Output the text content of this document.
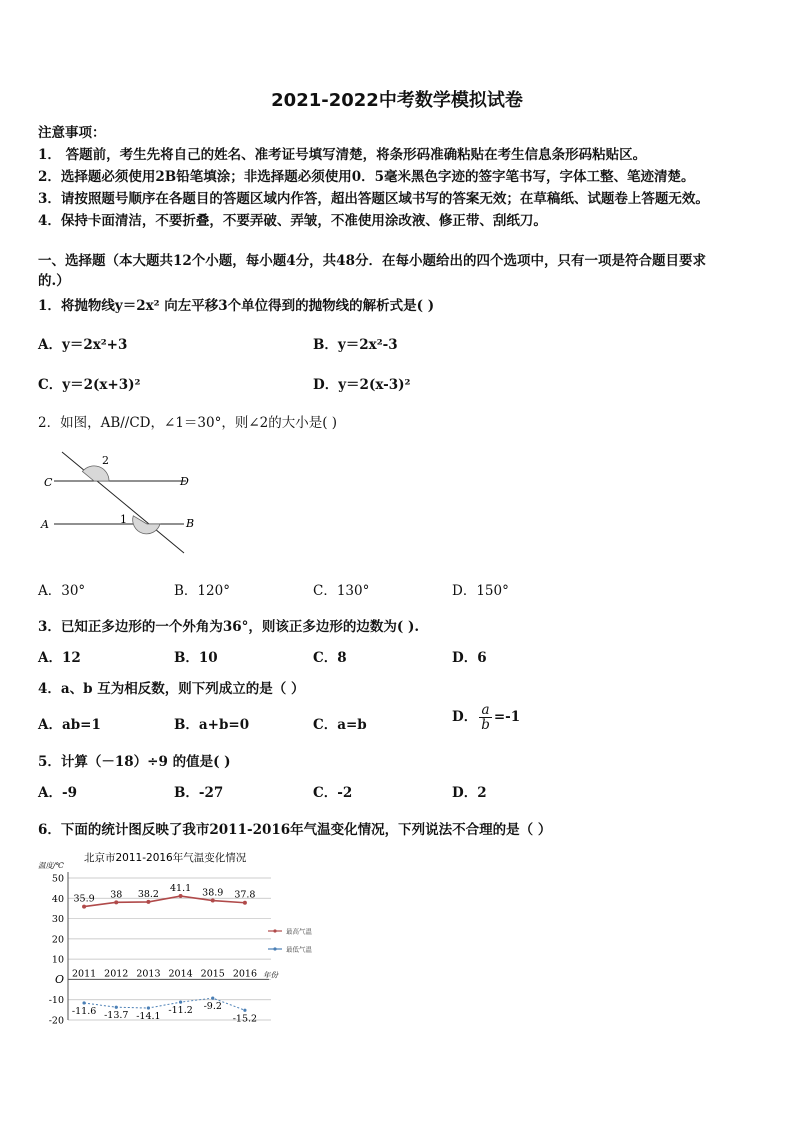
2021-2022中考数学模拟试卷
注意事项：
1． 答题前，考生先将自己的姓名、准考证号填写清楚，将条形码准确粘贴在考生信息条形码粘贴区。
2．选择题必须使用2B铅笔填涂；非选择题必须使用0．5毫米黑色字迹的签字笔书写，字体工整、笔迹清楚。
3．请按照题号顺序在各题目的答题区域内作答，超出答题区域书写的答案无效；在草稿纸、试题卷上答题无效。
4．保持卡面清洁，不要折叠，不要弄破、弄皱，不准使用涂改液、修正带、刮纸刀。
一、选择题（本大题共12个小题，每小题4分，共48分．在每小题给出的四个选项中，只有一项是符合题目要求
的.）
1．将抛物线y＝2x² 向左平移3个单位得到的抛物线的解析式是( )
A．y＝2x²+3	B．y＝2x²-3
C．y＝2(x+3)²	D．y＝2(x-3)²
2．如图，AB//CD，∠1＝30°，则∠2的大小是( )
C	D
A	B
1
2
A．30°	B．120°	C．130°	D．150°
3．已知正多边形的一个外角为36°，则该正多边形的边数为( ).
A．12	B．10	C．8	D．6
4．a、b 互为相反数，则下列成立的是（ ）
A．ab=1	B．a+b=0	C．a=b	D． $\frac{a}{b} =-1$
5．计算（－18）÷9 的值是( )
A．-9	B．-27	C．-2	D．2
6．下面的统计图反映了我市2011-2016年气温变化情况，下列说法不合理的是（ ）
北京市2011-2016年气温变化情况
温度/℃
50
40
30
20
10
O
-10
-20
2011 2012 2013 2014 2015 2016 年份
35.9 38 38.2
41.1 38.9 37.8
-11.6 -13.7 -14.1
-11.2 -9.2
-15.2
最高气温
最低气温
